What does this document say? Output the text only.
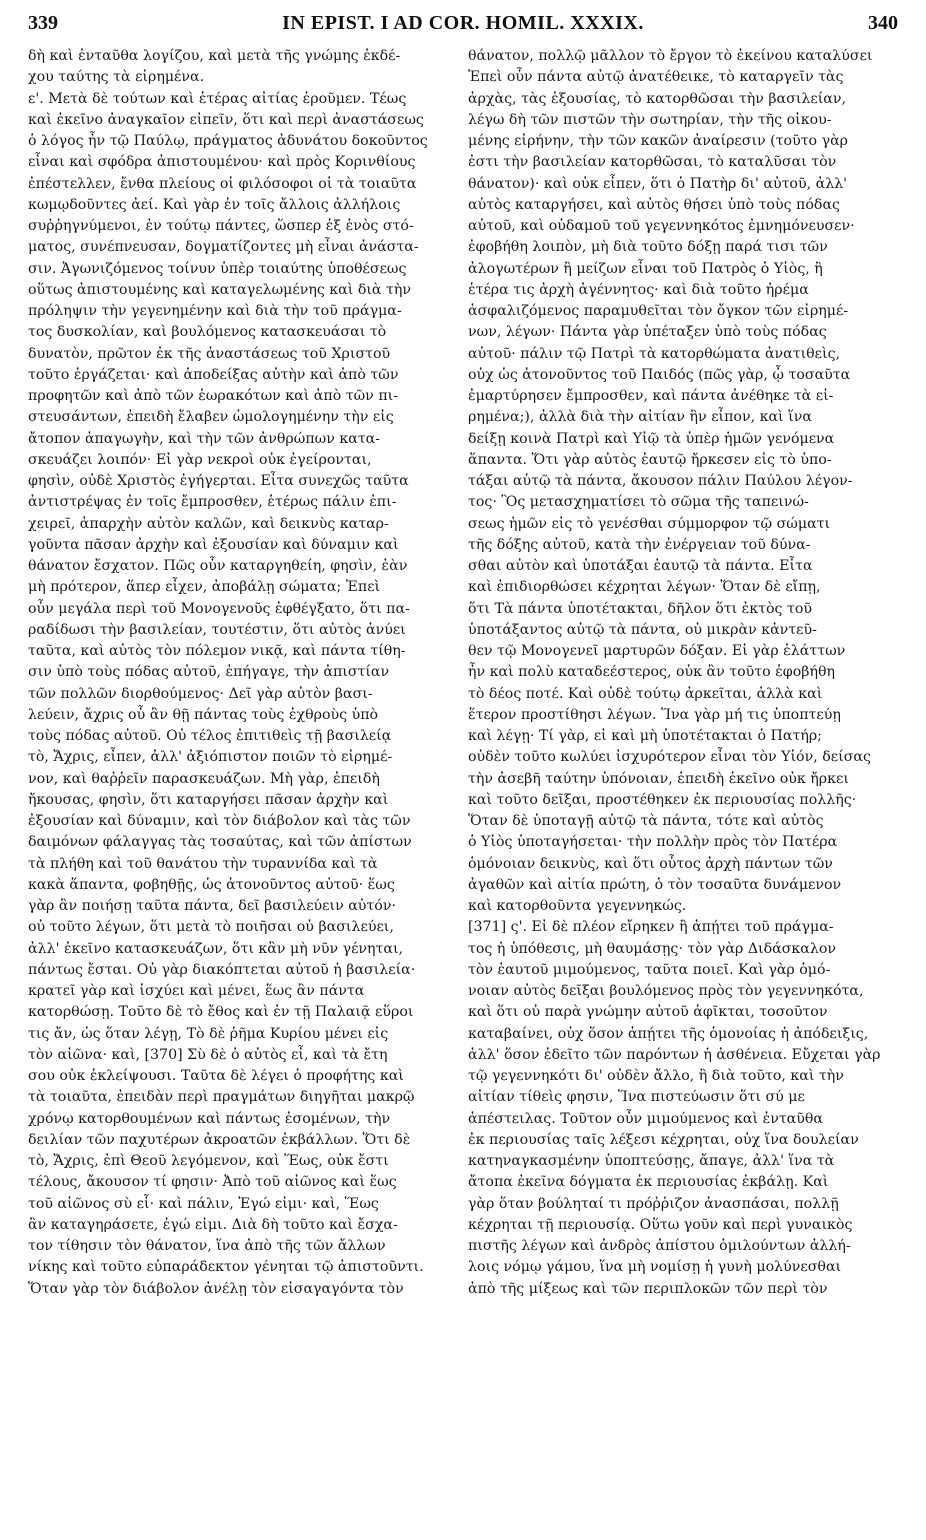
339	IN EPIST. I AD COR. HOMIL. XXXIX.	340
δὴ καὶ ἐνταῦθα λογίζου, καὶ μετὰ τῆς γνώμης ἐκδέ-
χου ταύτης τὰ εἰρημένα.
ε'. Μετὰ δὲ τούτων καὶ ἑτέρας αἰτίας ἐροῦμεν. Τέως
καὶ ἐκεῖνο ἀναγκαῖον εἰπεῖν, ὅτι καὶ περὶ ἀναστάσεως
ὁ λόγος ἦν τῷ Παύλῳ, πράγματος ἀδυνάτου δοκοῦντος
εἶναι καὶ σφόδρα ἀπιστουμένου· καὶ πρὸς Κορινθίους
ἐπέστελλεν, ἔνθα πλείους οἱ φιλόσοφοι οἱ τὰ τοιαῦτα
κωμῳδοῦντες ἀεί. Καὶ γὰρ ἐν τοῖς ἄλλοις ἀλλήλοις
συῤῥηγνύμενοι, ἐν τούτῳ πάντες, ὥσπερ ἐξ ἑνὸς στό-
ματος, συνέπνευσαν, δογματίζοντες μὴ εἶναι ἀνάστα-
σιν. Ἀγωνιζόμενος τοίνυν ὑπὲρ τοιαύτης ὑποθέσεως
οὕτως ἀπιστουμένης καὶ καταγελωμένης καὶ διὰ τὴν
πρόληψιν τὴν γεγενημένην καὶ διὰ τὴν τοῦ πράγμα-
τος δυσκολίαν, καὶ βουλόμενος κατασκευάσαι τὸ
δυνατὸν, πρῶτον ἐκ τῆς ἀναστάσεως τοῦ Χριστοῦ
τοῦτο ἐργάζεται· καὶ ἀποδείξας αὐτὴν καὶ ἀπὸ τῶν
προφητῶν καὶ ἀπὸ τῶν ἑωρακότων καὶ ἀπὸ τῶν πι-
στευσάντων, ἐπειδὴ ἔλαβεν ὡμολογημένην τὴν εἰς
ἄτοπον ἀπαγωγὴν, καὶ τὴν τῶν ἀνθρώπων κατα-
σκευάζει λοιπόν· Εἰ γὰρ νεκροὶ οὐκ ἐγείρονται,
φησὶν, οὐδὲ Χριστὸς ἐγήγερται. Εἶτα συνεχῶς ταῦτα
ἀντιστρέψας ἐν τοῖς ἔμπροσθεν, ἑτέρως πάλιν ἐπι-
χειρεῖ, ἀπαρχὴν αὐτὸν καλῶν, καὶ δεικνὺς καταρ-
γοῦντα πᾶσαν ἀρχὴν καὶ ἐξουσίαν καὶ δύναμιν καὶ
θάνατον ἔσχατον. Πῶς οὖν καταργηθείη, φησὶν, ἐὰν
μὴ πρότερον, ἅπερ εἶχεν, ἀποβάλῃ σώματα; Ἐπεὶ
οὖν μεγάλα περὶ τοῦ Μονογενοῦς ἐφθέγξατο, ὅτι πα-
ραδίδωσι τὴν βασιλείαν, τουτέστιν, ὅτι αὐτὸς ἀνύει
ταῦτα, καὶ αὐτὸς τὸν πόλεμον νικᾷ, καὶ πάντα τίθη-
σιν ὑπὸ τοὺς πόδας αὐτοῦ, ἐπήγαγε, τὴν ἀπιστίαν
τῶν πολλῶν διορθούμενος· Δεῖ γὰρ αὐτὸν βασι-
λεύειν, ἄχρις οὗ ἂν θῇ πάντας τοὺς ἐχθροὺς ὑπὸ
τοὺς πόδας αὐτοῦ. Οὐ τέλος ἐπιτιθεὶς τῇ βασιλείᾳ
τὸ, Ἄχρις, εἶπεν, ἀλλ' ἀξιόπιστον ποιῶν τὸ εἰρημέ-
νον, καὶ θαῤῥεῖν παρασκευάζων. Μὴ γὰρ, ἐπειδὴ
ἤκουσας, φησὶν, ὅτι καταργήσει πᾶσαν ἀρχὴν καὶ
ἐξουσίαν καὶ δύναμιν, καὶ τὸν διάβολον καὶ τὰς τῶν
δαιμόνων φάλαγγας τὰς τοσαύτας, καὶ τῶν ἀπίστων
τὰ πλήθη καὶ τοῦ θανάτου τὴν τυραννίδα καὶ τὰ
κακὰ ἅπαντα, φοβηθῇς, ὡς ἀτονοῦντος αὐτοῦ· ἕως
γὰρ ἂν ποιήσῃ ταῦτα πάντα, δεῖ βασιλεύειν αὐτόν·
οὐ τοῦτο λέγων, ὅτι μετὰ τὸ ποιῆσαι οὐ βασιλεύει,
ἀλλ' ἐκεῖνο κατασκευάζων, ὅτι κἂν μὴ νῦν γένηται,
πάντως ἔσται. Οὐ γὰρ διακόπτεται αὐτοῦ ἡ βασιλεία·
κρατεῖ γὰρ καὶ ἰσχύει καὶ μένει, ἕως ἂν πάντα
κατορθώσῃ. Τοῦτο δὲ τὸ ἔθος καὶ ἐν τῇ Παλαιᾷ εὕροι
τις ἄν, ὡς ὅταν λέγῃ, Τὸ δὲ ῥῆμα Κυρίου μένει εἰς
τὸν αἰῶνα· καὶ, [370] Σὺ δὲ ὁ αὐτὸς εἶ, καὶ τὰ ἔτη
σου οὐκ ἐκλείψουσι. Ταῦτα δὲ λέγει ὁ προφήτης καὶ
τὰ τοιαῦτα, ἐπειδὰν περὶ πραγμάτων διηγῆται μακρῷ
χρόνῳ κατορθουμένων καὶ πάντως ἐσομένων, τὴν
δειλίαν τῶν παχυτέρων ἀκροατῶν ἐκβάλλων. Ὅτι δὲ
τὸ, Ἄχρις, ἐπὶ Θεοῦ λεγόμενον, καὶ Ἕως, οὐκ ἔστι
τέλους, ἄκουσον τί φησιν· Ἀπὸ τοῦ αἰῶνος καὶ ἕως
τοῦ αἰῶνος σὺ εἶ· καὶ πάλιν, Ἐγώ εἰμι· καὶ, Ἕως
ἂν καταγηράσετε, ἐγώ εἰμι. Διὰ δὴ τοῦτο καὶ ἔσχα-
τον τίθησιν τὸν θάνατον, ἵνα ἀπὸ τῆς τῶν ἄλλων
νίκης καὶ τοῦτο εὐπαράδεκτον γένηται τῷ ἀπιστοῦντι.
Ὅταν γὰρ τὸν διάβολον ἀνέλῃ τὸν εἰσαγαγόντα τὸν
θάνατον, πολλῷ μᾶλλον τὸ ἔργον τὸ ἐκείνου καταλύσει
Ἐπεὶ οὖν πάντα αὐτῷ ἀνατέθεικε, τὸ καταργεῖν τὰς
ἀρχὰς, τὰς ἐξουσίας, τὸ κατορθῶσαι τὴν βασιλείαν,
λέγω δὴ τῶν πιστῶν τὴν σωτηρίαν, τὴν τῆς οἰκου-
μένης εἰρήνην, τὴν τῶν κακῶν ἀναίρεσιν (τοῦτο γὰρ
ἐστι τὴν βασιλείαν κατορθῶσαι, τὸ καταλῦσαι τὸν
θάνατον)· καὶ οὐκ εἶπεν, ὅτι ὁ Πατὴρ δι' αὐτοῦ, ἀλλ'
αὐτὸς καταργήσει, καὶ αὐτὸς θήσει ὑπὸ τοὺς πόδας
αὐτοῦ, καὶ οὐδαμοῦ τοῦ γεγεννηκότος ἐμνημόνευσεν·
ἐφοβήθη λοιπὸν, μὴ διὰ τοῦτο δόξῃ παρά τισι τῶν
ἀλογωτέρων ἢ μείζων εἶναι τοῦ Πατρὸς ὁ Υἱὸς, ἢ
ἑτέρα τις ἀρχὴ ἀγέννητος· καὶ διὰ τοῦτο ἠρέμα
ἀσφαλιζόμενος παραμυθεῖται τὸν ὄγκον τῶν εἰρημέ-
νων, λέγων· Πάντα γὰρ ὑπέταξεν ὑπὸ τοὺς πόδας
αὐτοῦ· πάλιν τῷ Πατρὶ τὰ κατορθώματα ἀνατιθεὶς,
οὐχ ὡς ἀτονοῦντος τοῦ Παιδός (πῶς γὰρ, ᾧ τοσαῦτα
ἐμαρτύρησεν ἔμπροσθεν, καὶ πάντα ἀνέθηκε τὰ εἰ-
ρημένα;), ἀλλὰ διὰ τὴν αἰτίαν ἣν εἶπον, καὶ ἵνα
δείξῃ κοινὰ Πατρὶ καὶ Υἱῷ τὰ ὑπὲρ ἡμῶν γενόμενα
ἅπαντα. Ὅτι γὰρ αὐτὸς ἑαυτῷ ἤρκεσεν εἰς τὸ ὑπο-
τάξαι αὐτῷ τὰ πάντα, ἄκουσον πάλιν Παύλου λέγον-
τος· Ὃς μετασχηματίσει τὸ σῶμα τῆς ταπεινώ-
σεως ἡμῶν εἰς τὸ γενέσθαι σύμμορφον τῷ σώματι
τῆς δόξης αὐτοῦ, κατὰ τὴν ἐνέργειαν τοῦ δύνα-
σθαι αὐτὸν καὶ ὑποτάξαι ἑαυτῷ τὰ πάντα. Εἶτα
καὶ ἐπιδιορθώσει κέχρηται λέγων· Ὅταν δὲ εἴπῃ,
ὅτι Τὰ πάντα ὑποτέτακται, δῆλον ὅτι ἐκτὸς τοῦ
ὑποτάξαντος αὐτῷ τὰ πάντα, οὐ μικρὰν κἀντεῦ-
θεν τῷ Μονογενεῖ μαρτυρῶν δόξαν. Εἰ γὰρ ἐλάττων
ἦν καὶ πολὺ καταδεέστερος, οὐκ ἂν τοῦτο ἐφοβήθη
τὸ δέος ποτέ. Καὶ οὐδὲ τούτῳ ἀρκεῖται, ἀλλὰ καὶ
ἕτερον προστίθησι λέγων. Ἵνα γὰρ μή τις ὑποπτεύῃ
καὶ λέγῃ· Τί γὰρ, εἰ καὶ μὴ ὑποτέτακται ὁ Πατήρ;
οὐδὲν τοῦτο κωλύει ἰσχυρότερον εἶναι τὸν Υἱόν, δείσας
τὴν ἀσεβῆ ταύτην ὑπόνοιαν, ἐπειδὴ ἐκεῖνο οὐκ ἤρκει
καὶ τοῦτο δεῖξαι, προστέθηκεν ἐκ περιουσίας πολλῆς·
Ὅταν δὲ ὑποταγῇ αὐτῷ τὰ πάντα, τότε καὶ αὐτὸς
ὁ Υἱὸς ὑποταγήσεται· τὴν πολλὴν πρὸς τὸν Πατέρα
ὁμόνοιαν δεικνὺς, καὶ ὅτι οὗτος ἀρχὴ πάντων τῶν
ἀγαθῶν καὶ αἰτία πρώτη, ὁ τὸν τοσαῦτα δυνάμενον
καὶ κατορθοῦντα γεγεννηκώς.
[371] ς'. Εἰ δὲ πλέον εἴρηκεν ἢ ἀπῄτει τοῦ πράγμα-
τος ἡ ὑπόθεσις, μὴ θαυμάσῃς· τὸν γὰρ Διδάσκαλον
τὸν ἑαυτοῦ μιμούμενος, ταῦτα ποιεῖ. Καὶ γὰρ ὁμό-
νοιαν αὐτὸς δεῖξαι βουλόμενος πρὸς τὸν γεγεννηκότα,
καὶ ὅτι οὐ παρὰ γνώμην αὐτοῦ ἀφῖκται, τοσοῦτον
καταβαίνει, οὐχ ὅσον ἀπῄτει τῆς ὁμονοίας ἡ ἀπόδειξις,
ἀλλ' ὅσον ἐδεῖτο τῶν παρόντων ἡ ἀσθένεια. Εὔχεται γὰρ
τῷ γεγεννηκότι δι' οὐδὲν ἄλλο, ἢ διὰ τοῦτο, καὶ τὴν
αἰτίαν τίθεὶς φησιν, Ἵνα πιστεύωσιν ὅτι σύ με
ἀπέστειλας. Τοῦτον οὖν μιμούμενος καὶ ἐνταῦθα
ἐκ περιουσίας ταῖς λέξεσι κέχρηται, οὐχ ἵνα δουλείαν
κατηναγκασμένην ὑποπτεύσῃς, ἄπαγε, ἀλλ' ἵνα τὰ
ἄτοπα ἐκεῖνα δόγματα ἐκ περιουσίας ἐκβάλῃ. Καὶ
γὰρ ὅταν βούληταί τι πρόῤῥιζον ἀνασπάσαι, πολλῇ
κέχρηται τῇ περιουσίᾳ. Οὕτω γοῦν καὶ περὶ γυναικὸς
πιστῆς λέγων καὶ ἀνδρὸς ἀπίστου ὁμιλούντων ἀλλή-
λοις νόμῳ γάμου, ἵνα μὴ νομίσῃ ἡ γυνὴ μολύνεσθαι
ἀπὸ τῆς μίξεως καὶ τῶν περιπλοκῶν τῶν περὶ τὸν
